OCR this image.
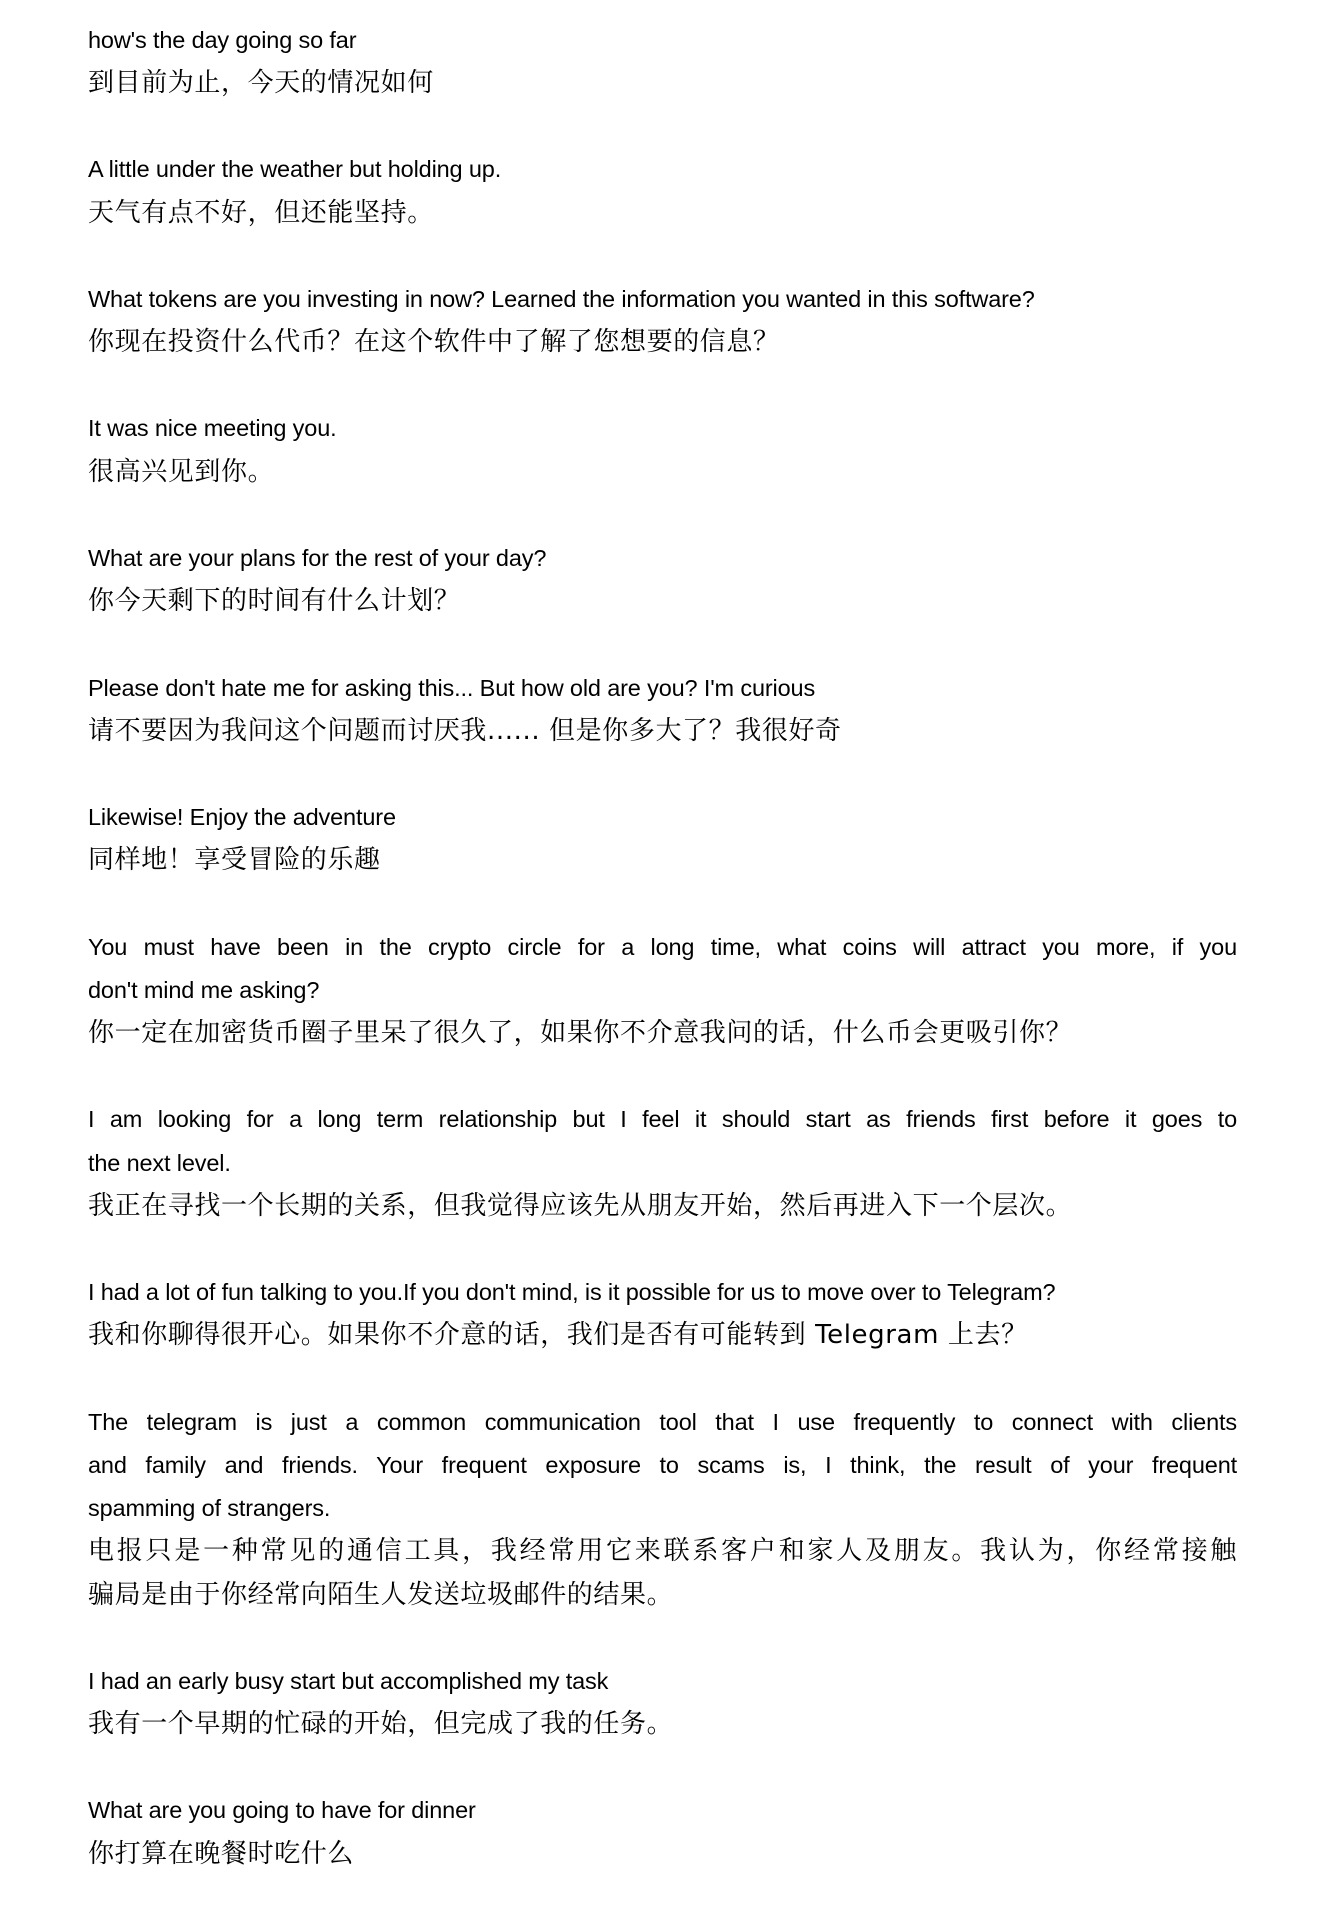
how's the day going so far
到目前为止，今天的情况如何
A little under the weather but holding up.
天气有点不好，但还能坚持。
What tokens are you investing in now? Learned the information you wanted in this software?
你现在投资什么代币？在这个软件中了解了您想要的信息？
It was nice meeting you.
很高兴见到你。
What are your plans for the rest of your day?
你今天剩下的时间有什么计划？
Please don't hate me for asking this... But how old are you? I'm curious
请不要因为我问这个问题而讨厌我...... 但是你多大了？我很好奇
Likewise! Enjoy the adventure
同样地！享受冒险的乐趣
You must have been in the crypto circle for a long time, what coins will attract you more, if you
don't mind me asking?
你一定在加密货币圈子里呆了很久了，如果你不介意我问的话，什么币会更吸引你？
I am looking for a long term relationship but I feel it should start as friends first before it goes to
the next level.
我正在寻找一个长期的关系，但我觉得应该先从朋友开始，然后再进入下一个层次。
I had a lot of fun talking to you.If you don't mind, is it possible for us to move over to Telegram?
我和你聊得很开心。如果你不介意的话，我们是否有可能转到 Telegram 上去？
The telegram is just a common communication tool that I use frequently to connect with clients
and family and friends. Your frequent exposure to scams is, I think, the result of your frequent
spamming of strangers.
电报只是一种常见的通信工具，我经常用它来联系客户和家人及朋友。我认为，你经常接触
骗局是由于你经常向陌生人发送垃圾邮件的结果。
I had an early busy start but accomplished my task
我有一个早期的忙碌的开始，但完成了我的任务。
What are you going to have for dinner
你打算在晚餐时吃什么
